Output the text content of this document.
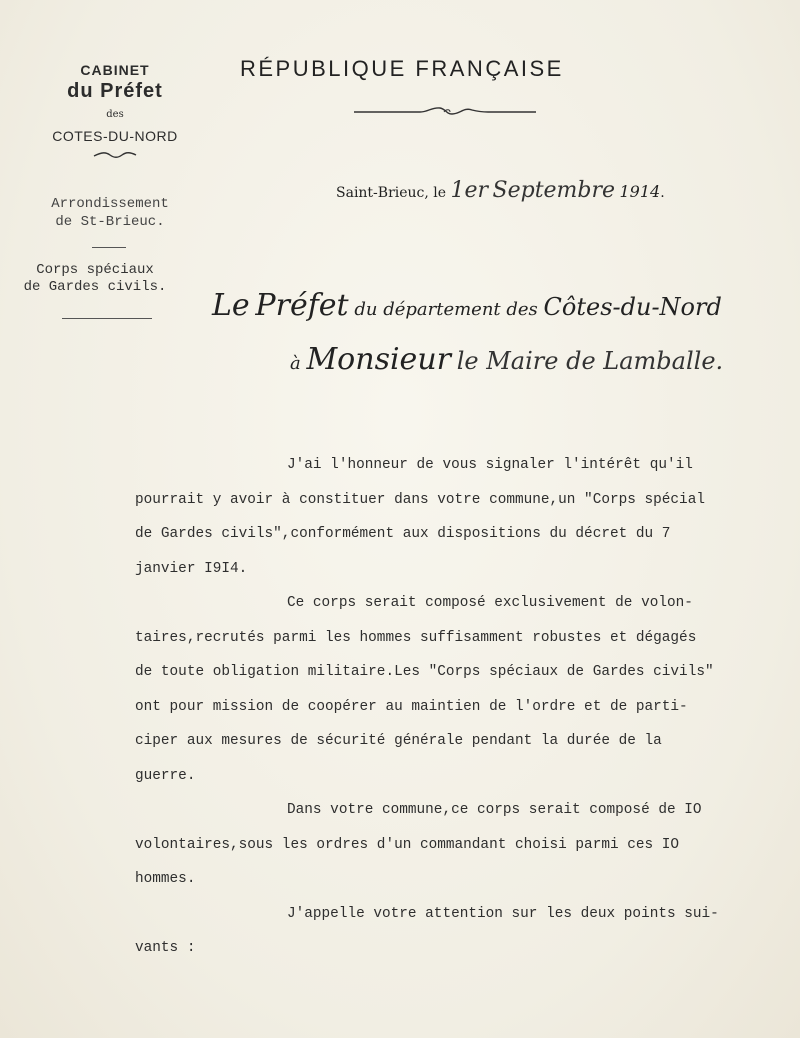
CABINET
du Préfet
des
COTES-DU-NORD
Arrondissement
de St-Brieuc.
Corps spéciaux
de Gardes civils.
RÉPUBLIQUE FRANÇAISE
Saint-Brieuc, le 1er Septembre 1914.
Le Préfet du département des Côtes-du-Nord
à Monsieur le Maire de Lamballe.
J'ai l'honneur de vous signaler l'intérêt qu'il
pourrait y avoir à constituer dans votre commune,un "Corps spécial
de Gardes civils",conformément aux dispositions du décret du 7
janvier I9I4.
Ce corps serait composé exclusivement de volon-
taires,recrutés parmi les hommes suffisamment robustes et dégagés
de toute obligation militaire.Les "Corps spéciaux de Gardes civils"
ont pour mission de coopérer au maintien de l'ordre et de parti-
ciper aux mesures de sécurité générale pendant la durée de la
guerre.
Dans votre commune,ce corps serait composé de IO
volontaires,sous les ordres d'un commandant choisi parmi ces IO
hommes.
J'appelle votre attention sur les deux points sui-
vants :
